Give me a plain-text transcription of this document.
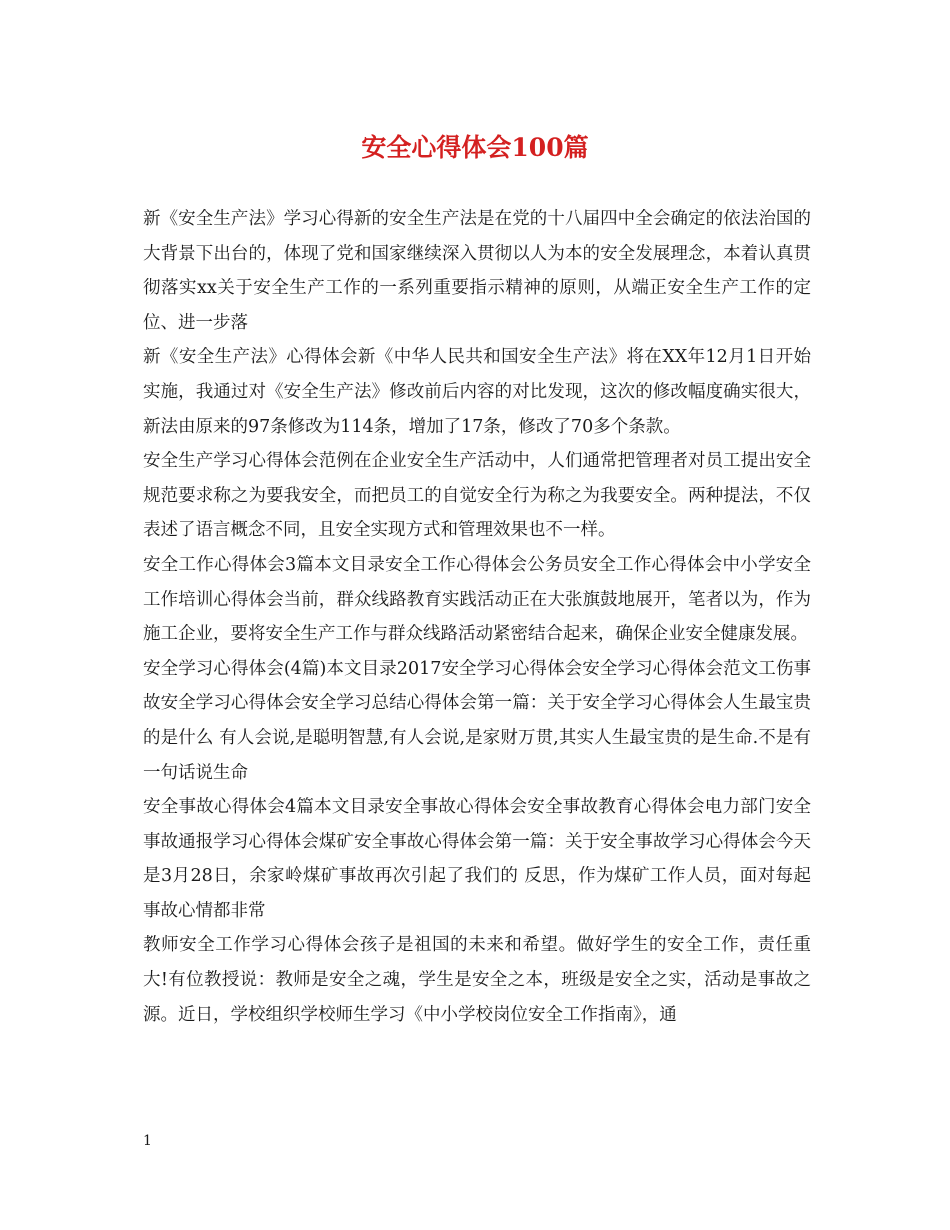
安全心得体会100篇

新《安全生产法》学习心得新的安全生产法是在党的十八届四中全会确定的依法治国的大背景下出台的，体现了党和国家继续深入贯彻以人为本的安全发展理念，本着认真贯彻落实xx关于安全生产工作的一系列重要指示精神的原则，从端正安全生产工作的定位、进一步落

新《安全生产法》心得体会新《中华人民共和国安全生产法》将在XX年12月1日开始实施，我通过对《安全生产法》修改前后内容的对比发现，这次的修改幅度确实很大，新法由原来的97条修改为114条，增加了17条，修改了70多个条款。

安全生产学习心得体会范例在企业安全生产活动中，人们通常把管理者对员工提出安全规范要求称之为要我安全，而把员工的自觉安全行为称之为我要安全。两种提法，不仅表述了语言概念不同，且安全实现方式和管理效果也不一样。

安全工作心得体会3篇本文目录安全工作心得体会公务员安全工作心得体会中小学安全工作培训心得体会当前，群众线路教育实践活动正在大张旗鼓地展开，笔者以为，作为施工企业，要将安全生产工作与群众线路活动紧密结合起来，确保企业安全健康发展。

安全学习心得体会(4篇)本文目录2017安全学习心得体会安全学习心得体会范文工伤事故安全学习心得体会安全学习总结心得体会第一篇：关于安全学习心得体会人生最宝贵的是什么 有人会说,是聪明智慧,有人会说,是家财万贯,其实人生最宝贵的是生命.不是有一句话说生命

安全事故心得体会4篇本文目录安全事故心得体会安全事故教育心得体会电力部门安全事故通报学习心得体会煤矿安全事故心得体会第一篇：关于安全事故学习心得体会今天是3月28日，余家岭煤矿事故再次引起了我们的 反思，作为煤矿工作人员，面对每起事故心情都非常

教师安全工作学习心得体会孩子是祖国的未来和希望。做好学生的安全工作，责任重大!有位教授说：教师是安全之魂，学生是安全之本，班级是安全之实，活动是事故之源。近日，学校组织学校师生学习《中小学校岗位安全工作指南》，通

1
